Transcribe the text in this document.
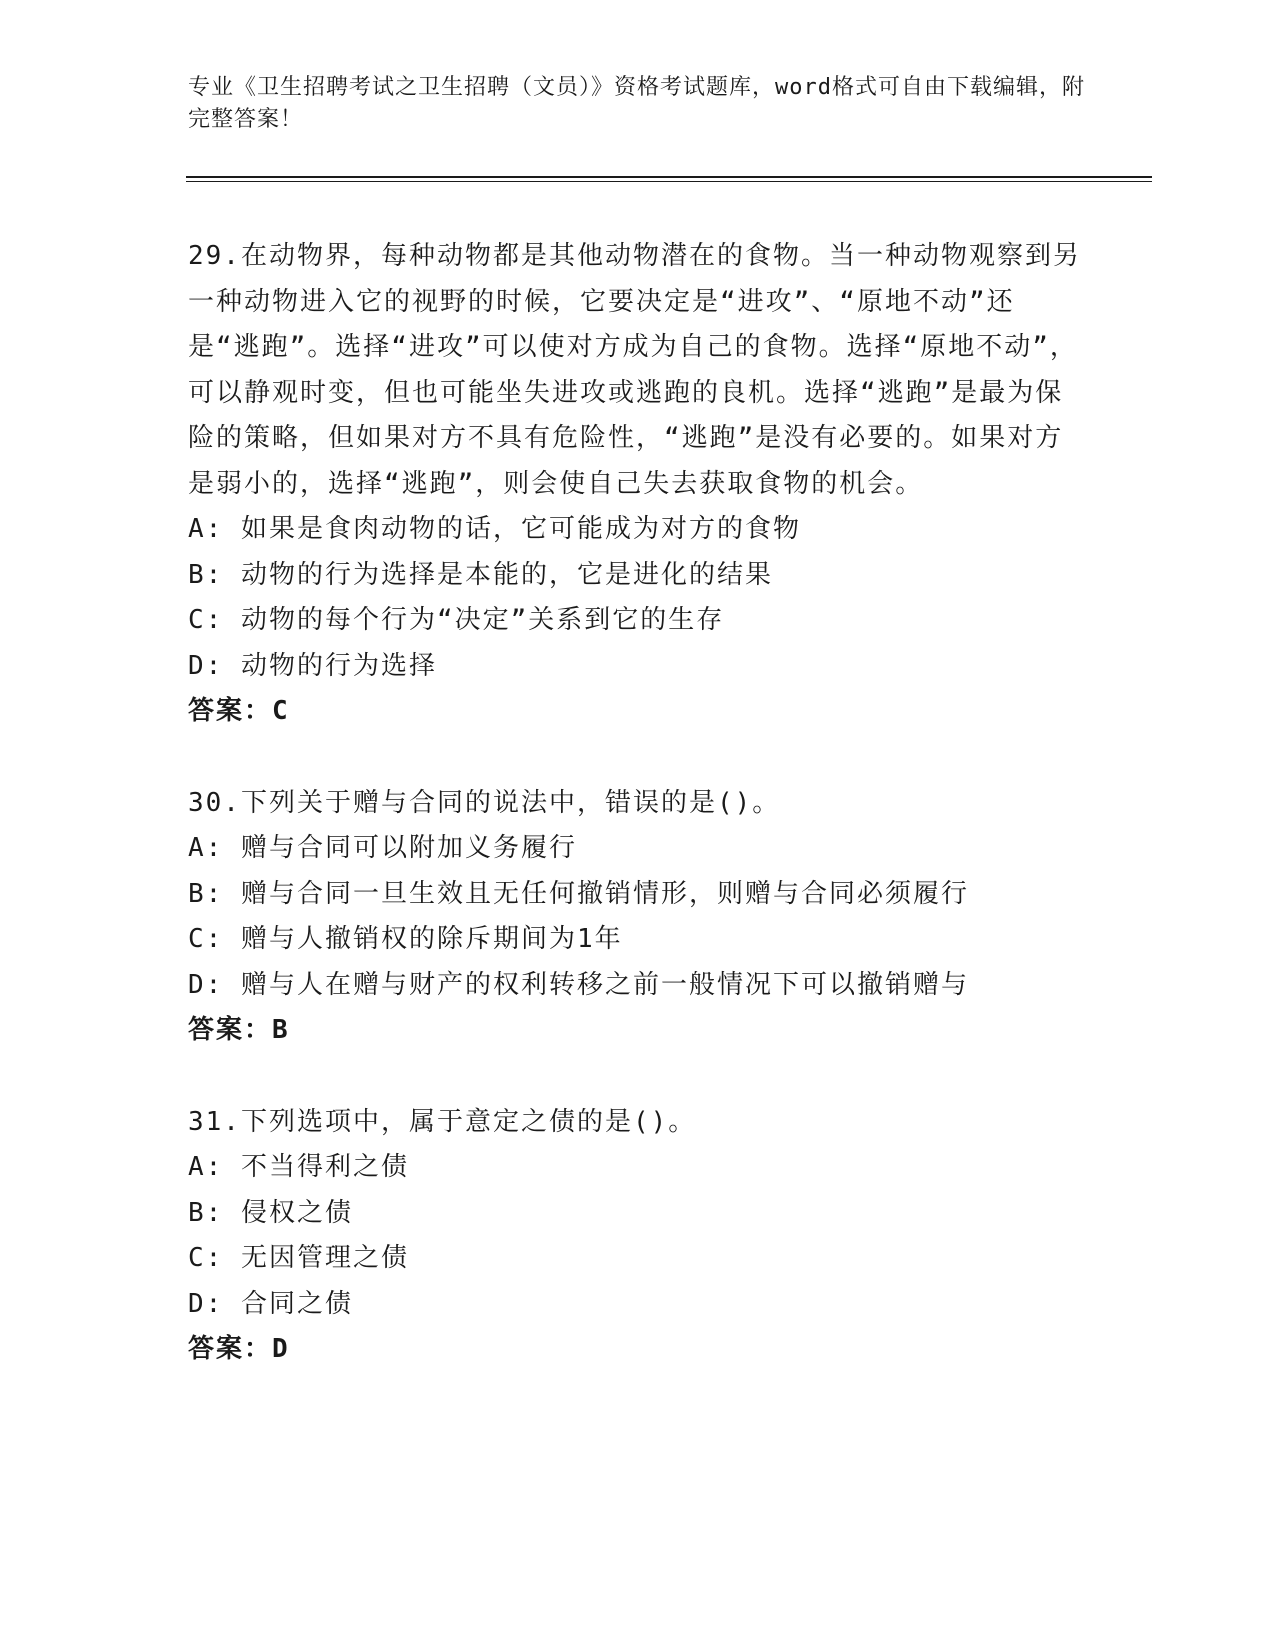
专业《卫生招聘考试之卫生招聘（文员）》资格考试题库，word格式可自由下载编辑，附完整答案！

29.在动物界，每种动物都是其他动物潜在的食物。当一种动物观察到另一种动物进入它的视野的时候，它要决定是“进攻”、“原地不动”还是“逃跑”。选择“进攻”可以使对方成为自己的食物。选择“原地不动”，可以静观时变，但也可能坐失进攻或逃跑的良机。选择“逃跑”是最为保险的策略，但如果对方不具有危险性，“逃跑”是没有必要的。如果对方是弱小的，选择“逃跑”，则会使自己失去获取食物的机会。

A: 如果是食肉动物的话，它可能成为对方的食物

B: 动物的行为选择是本能的，它是进化的结果

C: 动物的每个行为“决定”关系到它的生存

D: 动物的行为选择

答案：C

30.下列关于赠与合同的说法中，错误的是()。

A: 赠与合同可以附加义务履行

B: 赠与合同一旦生效且无任何撤销情形，则赠与合同必须履行

C: 赠与人撤销权的除斥期间为1年

D: 赠与人在赠与财产的权利转移之前一般情况下可以撤销赠与

答案：B

31.下列选项中，属于意定之债的是()。

A: 不当得利之债

B: 侵权之债

C: 无因管理之债

D: 合同之债

答案：D
